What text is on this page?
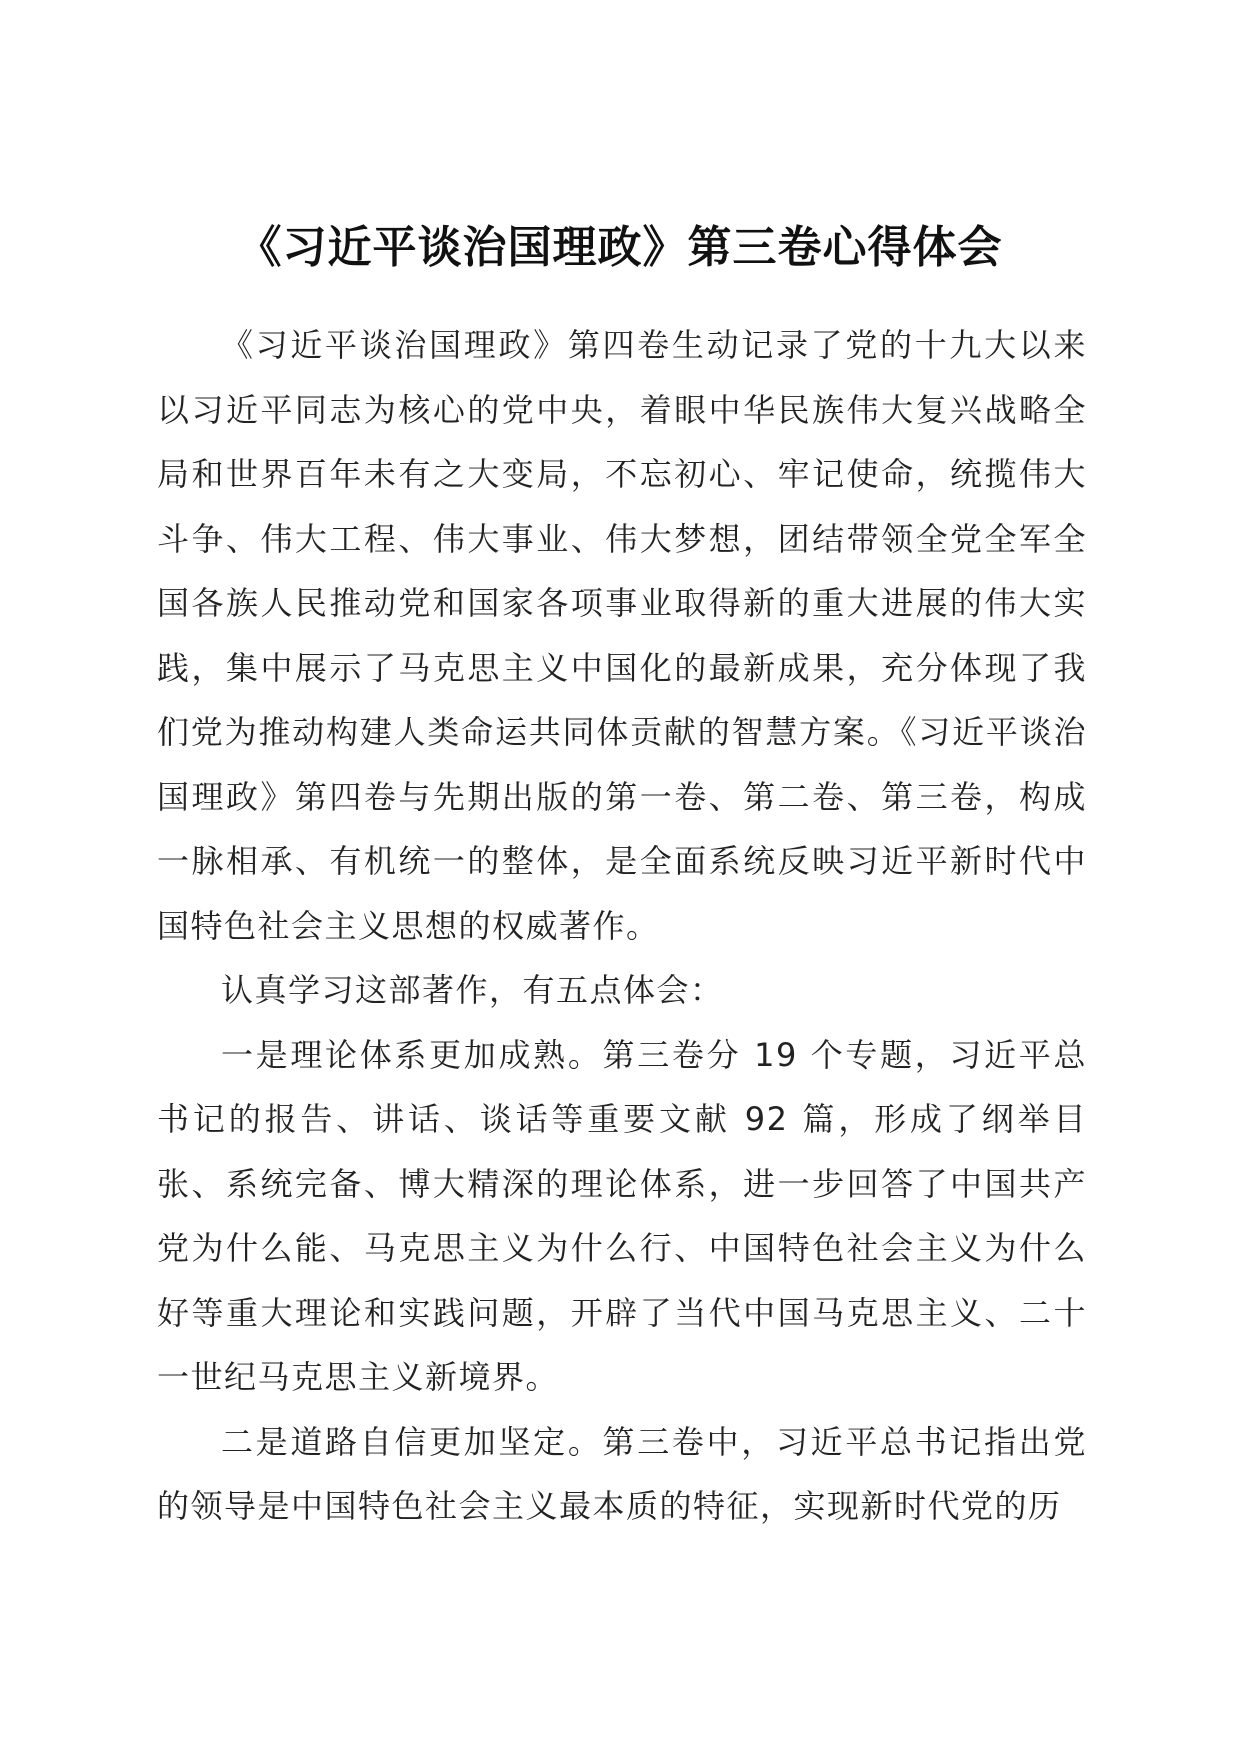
《习近平谈治国理政》第三卷心得体会

《习近平谈治国理政》第四卷生动记录了党的十九大以来以习近平同志为核心的党中央，着眼中华民族伟大复兴战略全局和世界百年未有之大变局，不忘初心、牢记使命，统揽伟大斗争、伟大工程、伟大事业、伟大梦想，团结带领全党全军全国各族人民推动党和国家各项事业取得新的重大进展的伟大实践，集中展示了马克思主义中国化的最新成果，充分体现了我们党为推动构建人类命运共同体贡献的智慧方案。《习近平谈治国理政》第四卷与先期出版的第一卷、第二卷、第三卷，构成一脉相承、有机统一的整体，是全面系统反映习近平新时代中国特色社会主义思想的权威著作。

认真学习这部著作，有五点体会：

一是理论体系更加成熟。第三卷分 19 个专题，习近平总书记的报告、讲话、谈话等重要文献 92 篇，形成了纲举目张、系统完备、博大精深的理论体系，进一步回答了中国共产党为什么能、马克思主义为什么行、中国特色社会主义为什么好等重大理论和实践问题，开辟了当代中国马克思主义、二十一世纪马克思主义新境界。

二是道路自信更加坚定。第三卷中，习近平总书记指出党的领导是中国特色社会主义最本质的特征，实现新时代党的历
